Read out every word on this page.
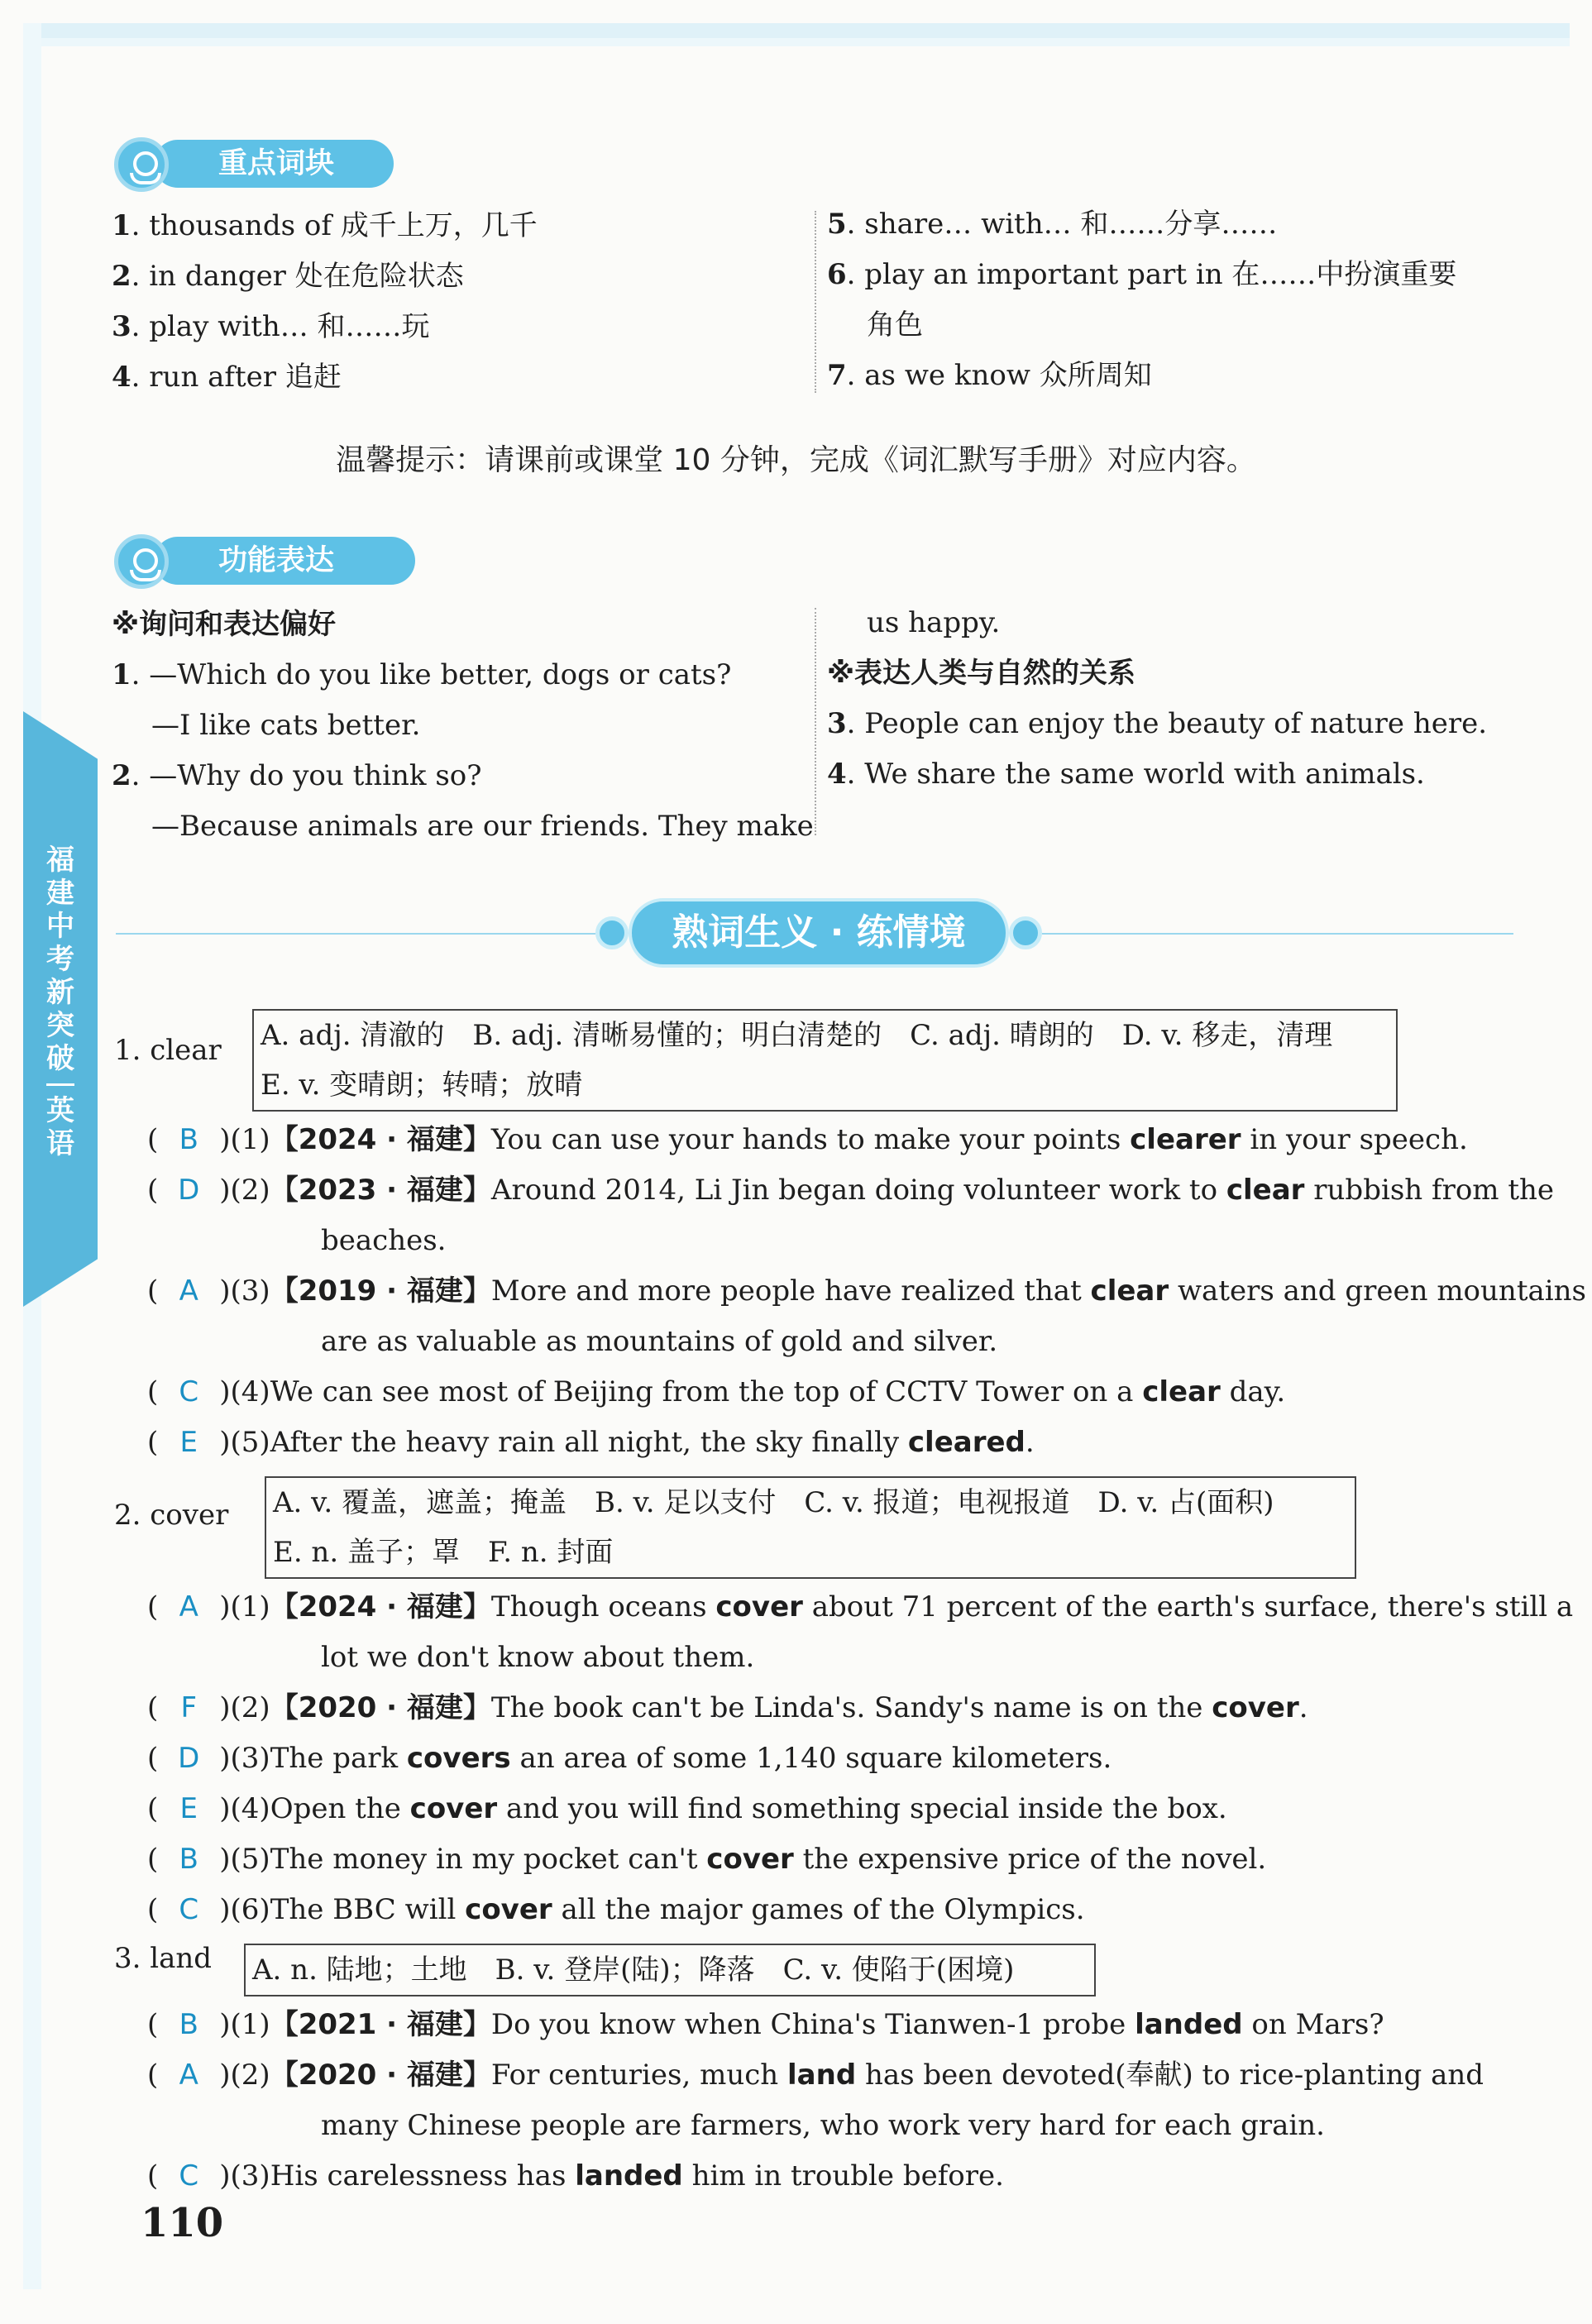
福
建
中
考
新
突
破
英
语
重点词块
1. thousands of 成千上万，几千
2. in danger 处在危险状态
3. play with… 和……玩
4. run after 追赶
5. share… with… 和……分享……
6. play an important part in 在……中扮演重要
角色
7. as we know 众所周知
温馨提示：请课前或课堂 10 分钟，完成《词汇默写手册》对应内容。
功能表达
※询问和表达偏好
1. —Which do you like better, dogs or cats?
—I like cats better.
2. —Why do you think so?
—Because animals are our friends. They make
us happy.
※表达人类与自然的关系
3. People can enjoy the beauty of nature here.
4. We share the same world with animals.
熟词生义 · 练情境
1. clear A. adj. 清澈的　B. adj. 清晰易懂的；明白清楚的　C. adj. 晴朗的　D. v. 移走，清理
E. v. 变晴朗；转晴；放晴
( B )(1)【2024 · 福建】You can use your hands to make your points clearer in your speech.
( D )(2)【2023 · 福建】Around 2014, Li Jin began doing volunteer work to clear rubbish from the
beaches.
( A )(3)【2019 · 福建】More and more people have realized that clear waters and green mountains
are as valuable as mountains of gold and silver.
( C )(4)We can see most of Beijing from the top of CCTV Tower on a clear day.
( E )(5)After the heavy rain all night, the sky finally cleared.
2. cover A. v. 覆盖，遮盖；掩盖　B. v. 足以支付　C. v. 报道；电视报道　D. v. 占(面积)
E. n. 盖子；罩　F. n. 封面
( A )(1)【2024 · 福建】Though oceans cover about 71 percent of the earth's surface, there's still a
lot we don't know about them.
( F )(2)【2020 · 福建】The book can't be Linda's. Sandy's name is on the cover.
( D )(3)The park covers an area of some 1,140 square kilometers.
( E )(4)Open the cover and you will find something special inside the box.
( B )(5)The money in my pocket can't cover the expensive price of the novel.
( C )(6)The BBC will cover all the major games of the Olympics.
3. land A. n. 陆地；土地　B. v. 登岸(陆)；降落　C. v. 使陷于(困境)
( B )(1)【2021 · 福建】Do you know when China's Tianwen-1 probe landed on Mars?
( A )(2)【2020 · 福建】For centuries, much land has been devoted(奉献) to rice-planting and
many Chinese people are farmers, who work very hard for each grain.
( C )(3)His carelessness has landed him in trouble before.
110
